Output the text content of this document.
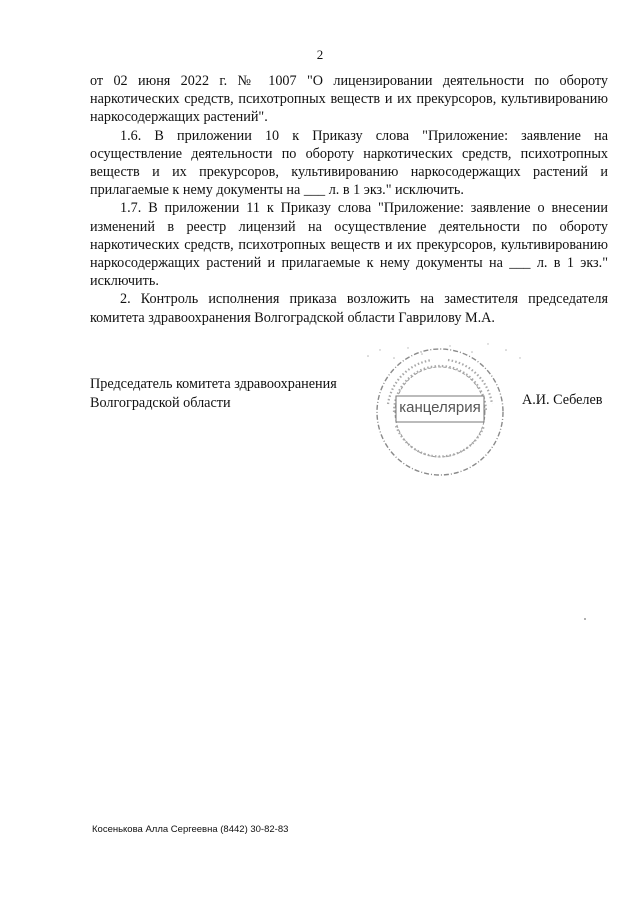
2

от 02 июня 2022 г. № 1007 "О лицензировании деятельности по обороту наркотических средств, психотропных веществ и их прекурсоров, культивированию наркосодержащих растений".

1.6. В приложении 10 к Приказу слова "Приложение: заявление на осуществление деятельности по обороту наркотических средств, психотропных веществ и их прекурсоров, культивированию наркосодержащих растений и прилагаемые к нему документы на ___ л. в 1 экз." исключить.

1.7. В приложении 11 к Приказу слова "Приложение: заявление о внесении изменений в реестр лицензий на осуществление деятельности по обороту наркотических средств, психотропных веществ и их прекурсоров, культивированию наркосодержащих растений и прилагаемые к нему документы на ___ л. в 1 экз." исключить.

2. Контроль исполнения приказа возложить на заместителя председателя комитета здравоохранения Волгоградской области Гаврилову М.А.

канцелярия
Председатель комитета здравоохранения
Волгоградской области	А.И. Себелев
Косенькова Алла Сергеевна (8442) 30-82-83
